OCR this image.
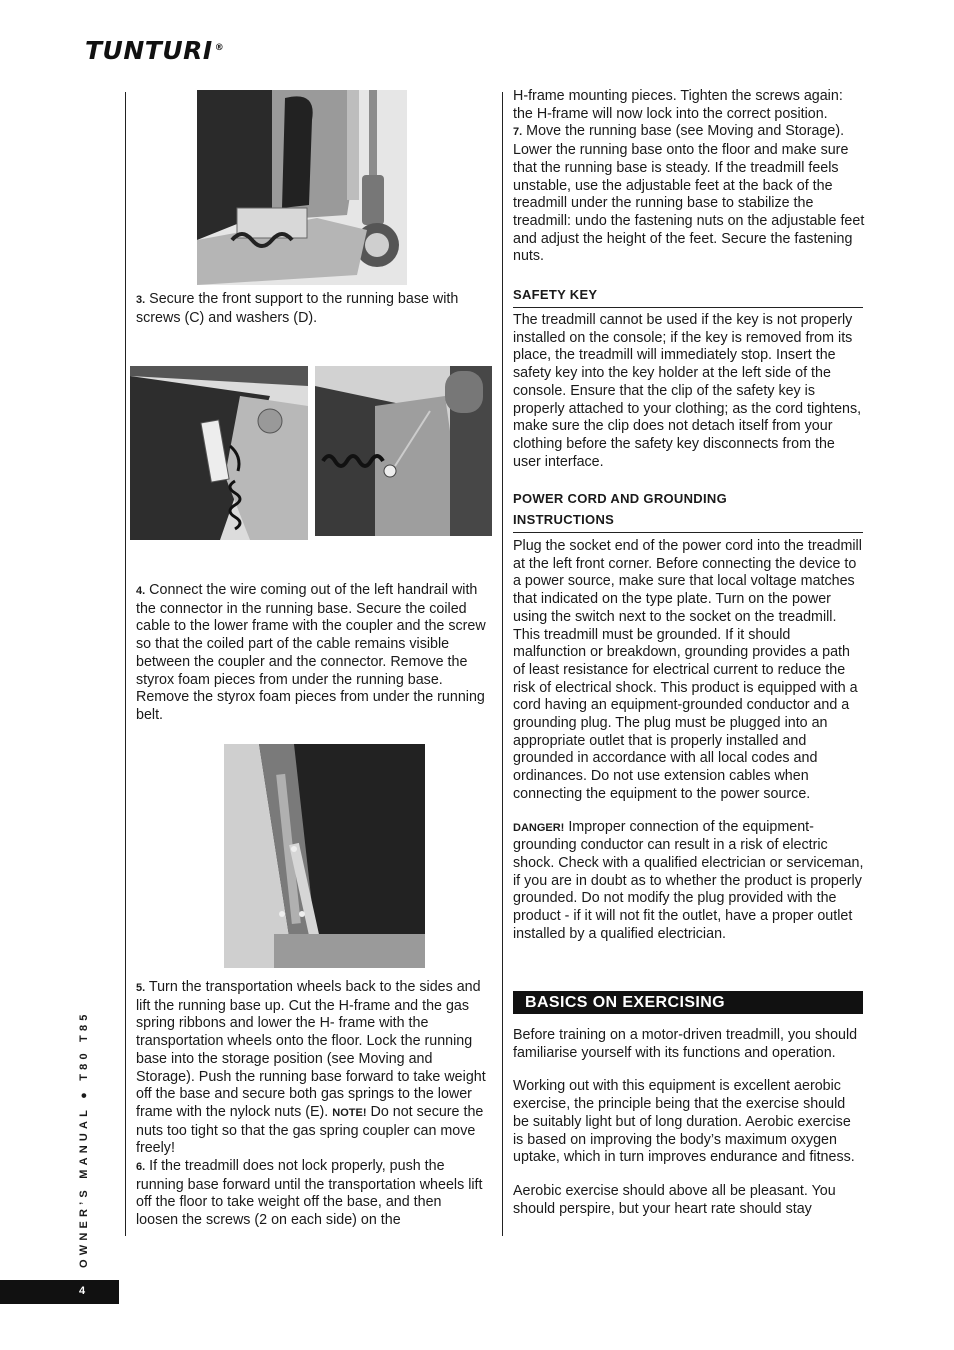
TUNTURI ®

3. Secure the front support to the running base with screws (C) and washers (D).

4. Connect the wire coming out of the left handrail with the connector in the running base. Secure the coiled cable to the lower frame with the coupler and the screw so that the coiled part of the cable remains visible between the coupler and the connector. Remove the styrox foam pieces from under the running base. Remove the styrox foam pieces from under the running belt.

5. Turn the transportation wheels back to the sides and lift the running base up. Cut the H-frame and the gas spring ribbons and lower the H- frame with the transportation wheels onto the floor. Lock the running base into the storage position (see Moving and Storage). Push the running base forward to take weight off the base and secure both gas springs to the lower frame with the nylock nuts (E). NOTE! Do not secure the nuts too tight so that the gas spring coupler can move freely!

6. If the treadmill does not lock properly, push the running base forward until the transportation wheels lift off the floor to take weight off the base, and then loosen the screws (2 on each side) on the

H-frame mounting pieces. Tighten the screws again: the H-frame will now lock into the correct position.

7. Move the running base (see Moving and Storage). Lower the running base onto the floor and make sure that the running base is steady. If the treadmill feels unstable, use the adjustable feet at the back of the treadmill under the running base to stabilize the treadmill: undo the fastening nuts on the adjustable feet and adjust the height of the feet. Secure the fastening nuts.

SAFETY KEY

The treadmill cannot be used if the key is not properly installed on the console; if the key is removed from its place, the treadmill will immediately stop. Insert the safety key into the key holder at the left side of the console. Ensure that the clip of the safety key is properly attached to your clothing; as the cord tightens, make sure the clip does not detach itself from your clothing before the safety key disconnects from the user interface.

POWER CORD AND GROUNDING
INSTRUCTIONS

Plug the socket end of the power cord into the treadmill at the left front corner. Before connecting the device to a power source, make sure that local voltage matches that indicated on the type plate. Turn on the power using the switch next to the socket on the treadmill. This treadmill must be grounded. If it should malfunction or breakdown, grounding provides a path of least resistance for electrical current to reduce the risk of electrical shock. This product is equipped with a cord having an equipment-grounded conductor and a grounding plug. The plug must be plugged into an appropriate outlet that is properly installed and grounded in accordance with all local codes and ordinances. Do not use extension cables when connecting the equipment to the power source.

DANGER! Improper connection of the equipment-grounding conductor can result in a risk of electric shock. Check with a qualified electrician or serviceman, if you are in doubt as to whether the product is properly grounded. Do not modify the plug provided with the product - if it will not fit the outlet, have a proper outlet installed by a qualified electrician.

BASICS ON EXERCISING

Before training on a motor-driven treadmill, you should familiarise yourself with its functions and operation.

Working out with this equipment is excellent aerobic exercise, the principle being that the exercise should be suitably light but of long duration. Aerobic exercise is based on improving the body’s maximum oxygen uptake, which in turn improves endurance and fitness.

Aerobic exercise should above all be pleasant. You should perspire, but your heart rate should stay

OWNER’S MANUAL ● T80 T85
4
